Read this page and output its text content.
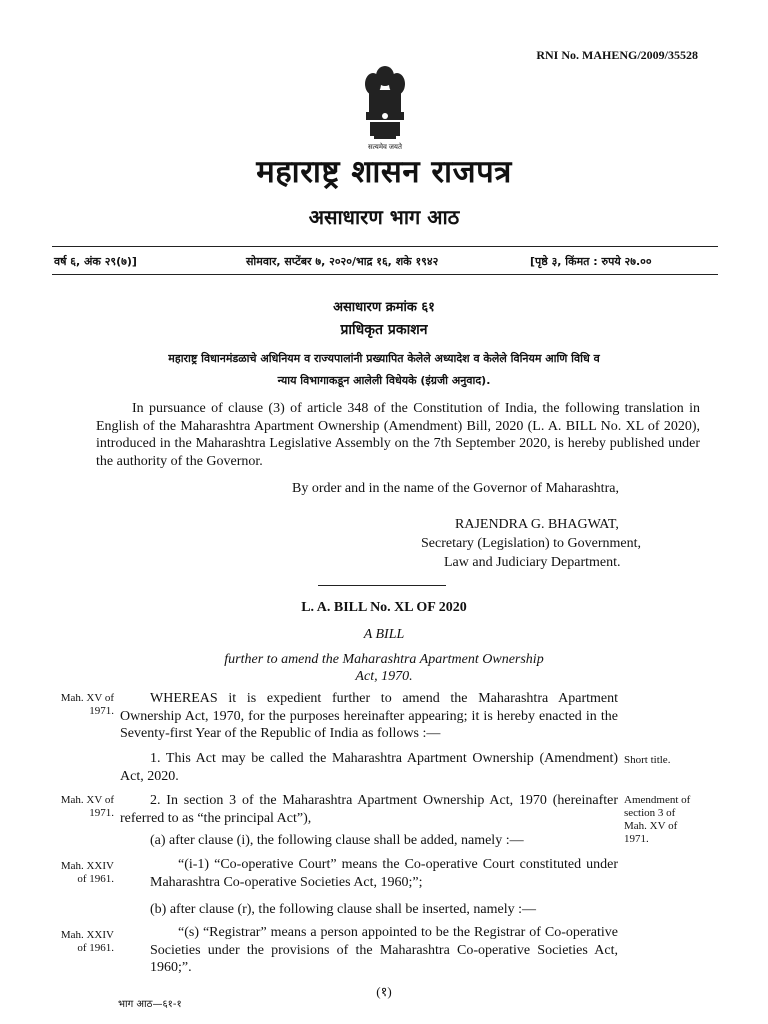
RNI No. MAHENG/2009/35528
सत्यमेव जयते
महाराष्ट्र शासन राजपत्र
असाधारण भाग आठ
वर्ष ६, अंक २९(७)]	सोमवार, सप्टेंबर ७, २०२०/भाद्र १६, शके १९४२	[पृष्ठे ३, किंमत : रुपये २७.००
असाधारण क्रमांक ६१
प्राधिकृत प्रकाशन
महाराष्ट्र विधानमंडळाचे अधिनियम व राज्यपालांनी प्रख्यापित केलेले अध्यादेश व केलेले विनियम आणि विधि व
न्याय विभागाकडून आलेली विधेयके (इंग्रजी अनुवाद).

In pursuance of clause (3) of article 348 of the Constitution of India, the following translation in English of the Maharashtra Apartment Ownership (Amendment) Bill, 2020 (L. A. BILL No. XL of 2020), introduced in the Maharashtra Legislative Assembly on the 7th September 2020, is hereby published under the authority of the Governor.

By order and in the name of the Governor of Maharashtra,
RAJENDRA G. BHAGWAT,
Secretary (Legislation) to Government,
Law and Judiciary Department.
L. A. BILL No. XL OF 2020
A BILL
further to amend the Maharashtra Apartment Ownership
Act, 1970.
Mah. XV of 1971.
Mah. XV of 1971.
Mah. XXIV of 1961.
Mah. XXIV of 1961.
Short title.
Amendment of section 3 of Mah. XV of 1971.

WHEREAS it is expedient further to amend the Maharashtra Apartment Ownership Act, 1970, for the purposes hereinafter appearing; it is hereby enacted in the Seventy-first Year of the Republic of India as follows :—

1. This Act may be called the Maharashtra Apartment Ownership (Amendment) Act, 2020.

2. In section 3 of the Maharashtra Apartment Ownership Act, 1970 (hereinafter referred to as “the principal Act”),

(a) after clause (i), the following clause shall be added, namely :—

“(i-1) “Co-operative Court” means the Co-operative Court constituted under Maharashtra Co-operative Societies Act, 1960;”;

(b) after clause (r), the following clause shall be inserted, namely :—

“(s) “Registrar” means a person appointed to be the Registrar of Co-operative Societies under the provisions of the Maharashtra Co-operative Societies Act, 1960;”.

(१)
भाग आठ—६१-१
